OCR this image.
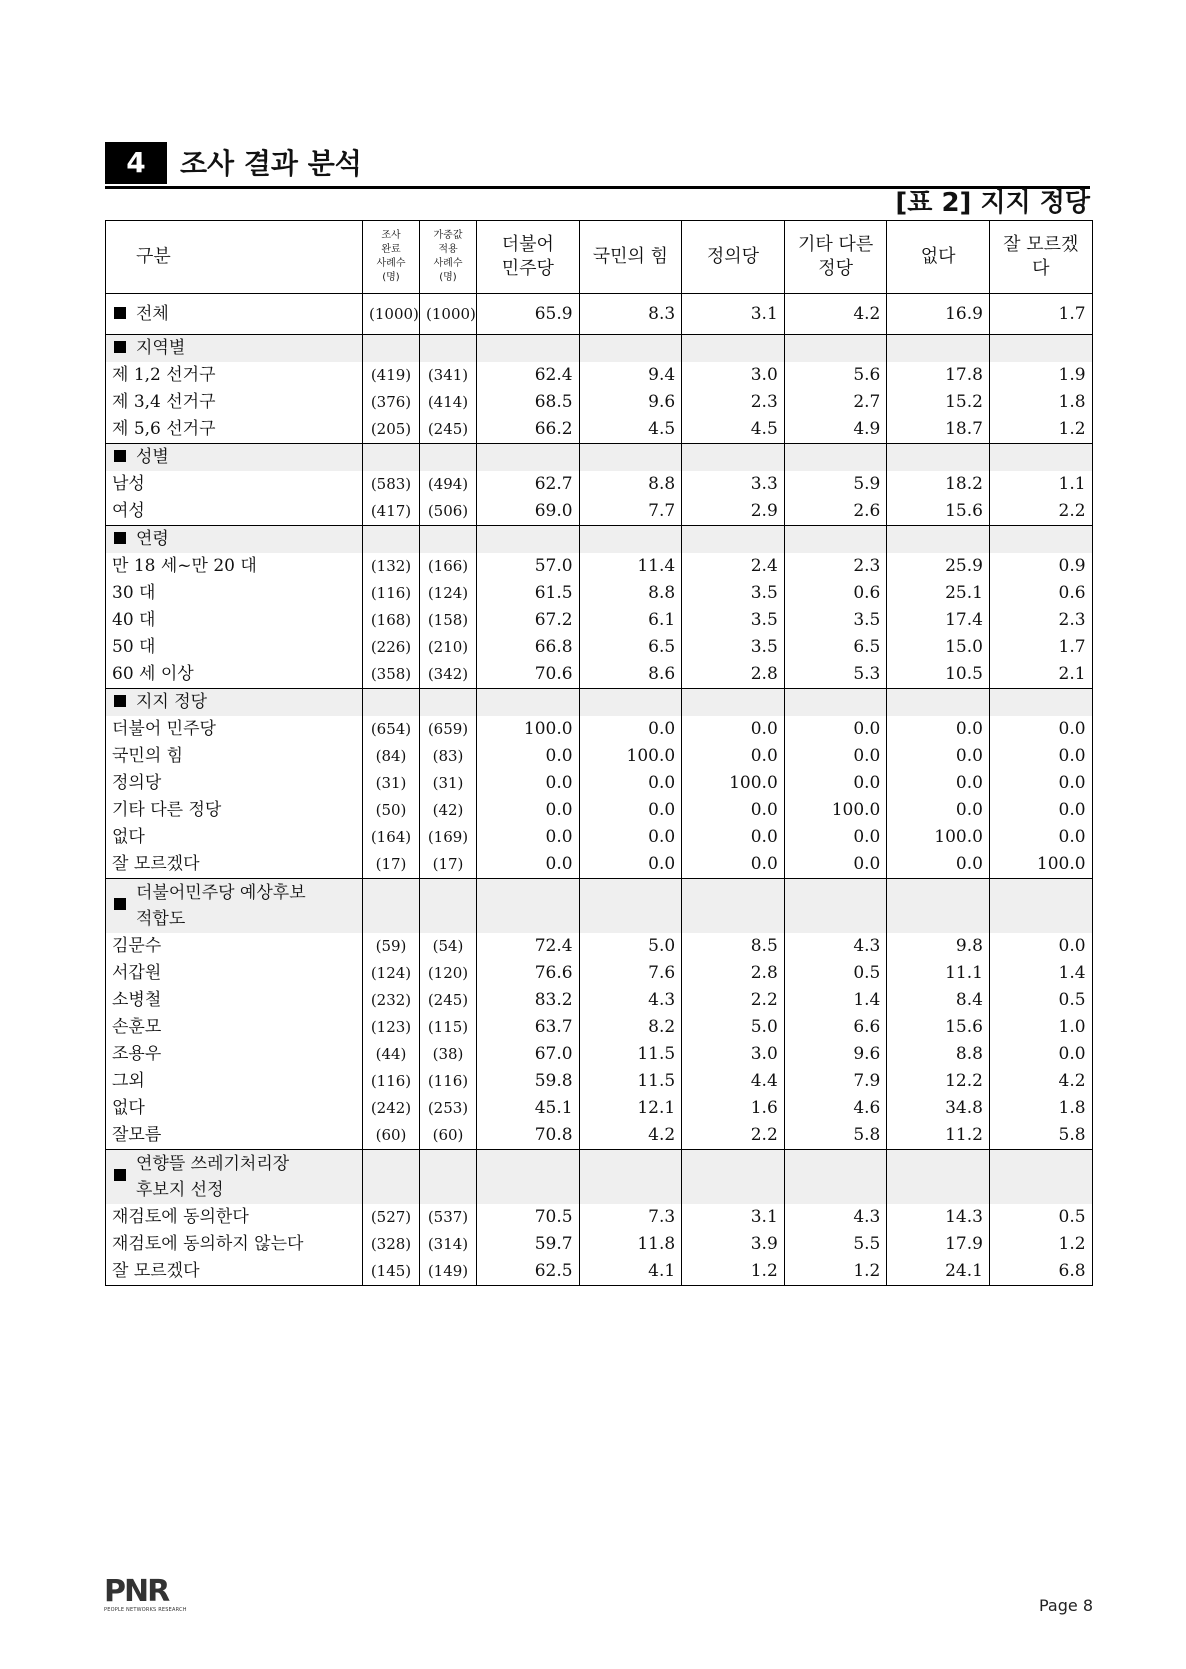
4	조사 결과 분석
[표 2] 지지 정당
구분	조사
완료
사례수
(명)	가중값
적용
사례수
(명)	더불어
민주당	국민의 힘	정의당	기타 다른
정당	없다	잘 모르겠다
전체	(1000)	(1000)	65.9	8.3	3.1	4.2	16.9	1.7

지역별								

제 1,2 선거구	(419)	(341)	62.4	9.4	3.0	5.6	17.8	1.9
제 3,4 선거구	(376)	(414)	68.5	9.6	2.3	2.7	15.2	1.8
제 5,6 선거구	(205)	(245)	66.2	4.5	4.5	4.9	18.7	1.2

성별								

남성	(583)	(494)	62.7	8.8	3.3	5.9	18.2	1.1
여성	(417)	(506)	69.0	7.7	2.9	2.6	15.6	2.2

연령								

만 18 세~만 20 대	(132)	(166)	57.0	11.4	2.4	2.3	25.9	0.9
30 대	(116)	(124)	61.5	8.8	3.5	0.6	25.1	0.6
40 대	(168)	(158)	67.2	6.1	3.5	3.5	17.4	2.3
50 대	(226)	(210)	66.8	6.5	3.5	6.5	15.0	1.7
60 세 이상	(358)	(342)	70.6	8.6	2.8	5.3	10.5	2.1

지지 정당								

더불어 민주당	(654)	(659)	100.0	0.0	0.0	0.0	0.0	0.0
국민의 힘	(84)	(83)	0.0	100.0	0.0	0.0	0.0	0.0
정의당	(31)	(31)	0.0	0.0	100.0	0.0	0.0	0.0
기타 다른 정당	(50)	(42)	0.0	0.0	0.0	100.0	0.0	0.0
없다	(164)	(169)	0.0	0.0	0.0	0.0	100.0	0.0
잘 모르겠다	(17)	(17)	0.0	0.0	0.0	0.0	0.0	100.0

더불어민주당 예상후보
적합도								

김문수	(59)	(54)	72.4	5.0	8.5	4.3	9.8	0.0
서갑원	(124)	(120)	76.6	7.6	2.8	0.5	11.1	1.4
소병철	(232)	(245)	83.2	4.3	2.2	1.4	8.4	0.5
손훈모	(123)	(115)	63.7	8.2	5.0	6.6	15.6	1.0
조용우	(44)	(38)	67.0	11.5	3.0	9.6	8.8	0.0
그외	(116)	(116)	59.8	11.5	4.4	7.9	12.2	4.2
없다	(242)	(253)	45.1	12.1	1.6	4.6	34.8	1.8
잘모름	(60)	(60)	70.8	4.2	2.2	5.8	11.2	5.8

연향뜰 쓰레기처리장
후보지 선정								

재검토에 동의한다	(527)	(537)	70.5	7.3	3.1	4.3	14.3	0.5
재검토에 동의하지 않는다	(328)	(314)	59.7	11.8	3.9	5.5	17.9	1.2
잘 모르겠다	(145)	(149)	62.5	4.1	1.2	1.2	24.1	6.8
PNR
PEOPLE NETWORKS RESEARCH	Page 8
